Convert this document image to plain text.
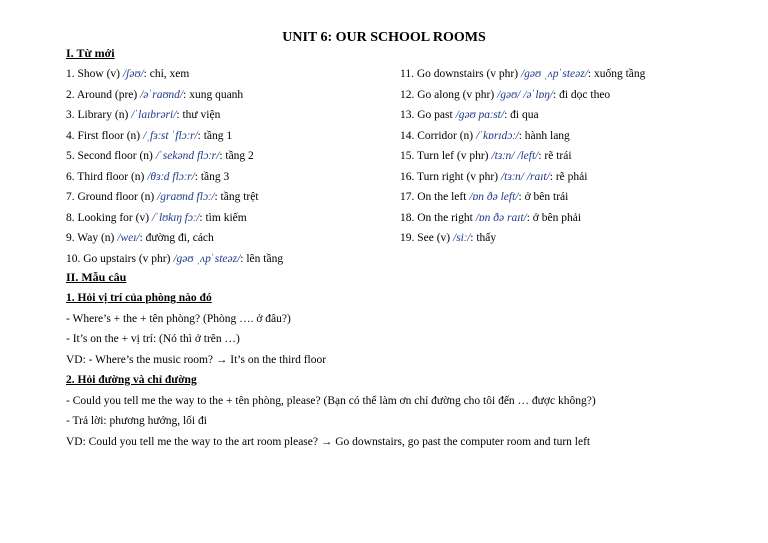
UNIT 6: OUR SCHOOL ROOMS
I. Từ mới
1. Show (v) /ʃəʊ/: chỉ, xem
2. Around (pre) /əˈraʊnd/: xung quanh
3. Library (n) /ˈlaɪbrəri/: thư viện
4. First floor (n) /ˌfɜːst ˈflɔːr/: tầng 1
5. Second floor (n) /ˈsekənd flɔːr/: tầng 2
6. Third floor (n) /θɜːd flɔːr/: tầng 3
7. Ground floor (n) /graʊnd flɔː/: tầng trệt
8. Looking for (v) /ˈlʊkɪŋ fɔː/: tìm kiếm
9. Way (n) /weɪ/: đường đi, cách
10. Go upstairs (v phr) /gəʊ ˌʌpˈsteəz/: lên tầng
11. Go downstairs (v phr) /gəʊ ˌʌpˈsteəz/: xuống tầng
12. Go along (v phr) /gəʊ/ /əˈlɒŋ/: đi dọc theo
13. Go past /gəʊ pɑːst/: đi qua
14. Corridor (n) /ˈkɒrɪdɔː/: hành lang
15. Turn lef (v phr) /tɜːn/ /left/: rẽ trái
16. Turn right (v phr) /tɜːn/ /raɪt/: rẽ phải
17. On the left /ɒn ðə left/: ở bên trái
18. On the right /ɒn ðə raɪt/: ở bên phải
19. See (v) /siː/: thấy
II. Mẫu câu
1. Hỏi vị trí của phòng nào đó
- Where’s + the + tên phòng? (Phòng …. ở đâu?)
- It’s on the + vị trí: (Nó thì ở trên …)
VD: - Where’s the music room? → It’s on the third floor
2. Hỏi đường và chỉ đường
- Could you tell me the way to the + tên phòng, please? (Bạn có thể làm ơn chỉ đường cho tôi đến … được không?)
- Trả lời: phương hướng, lối đi
VD: Could you tell me the way to the art room please? → Go downstairs, go past the computer room and turn left
